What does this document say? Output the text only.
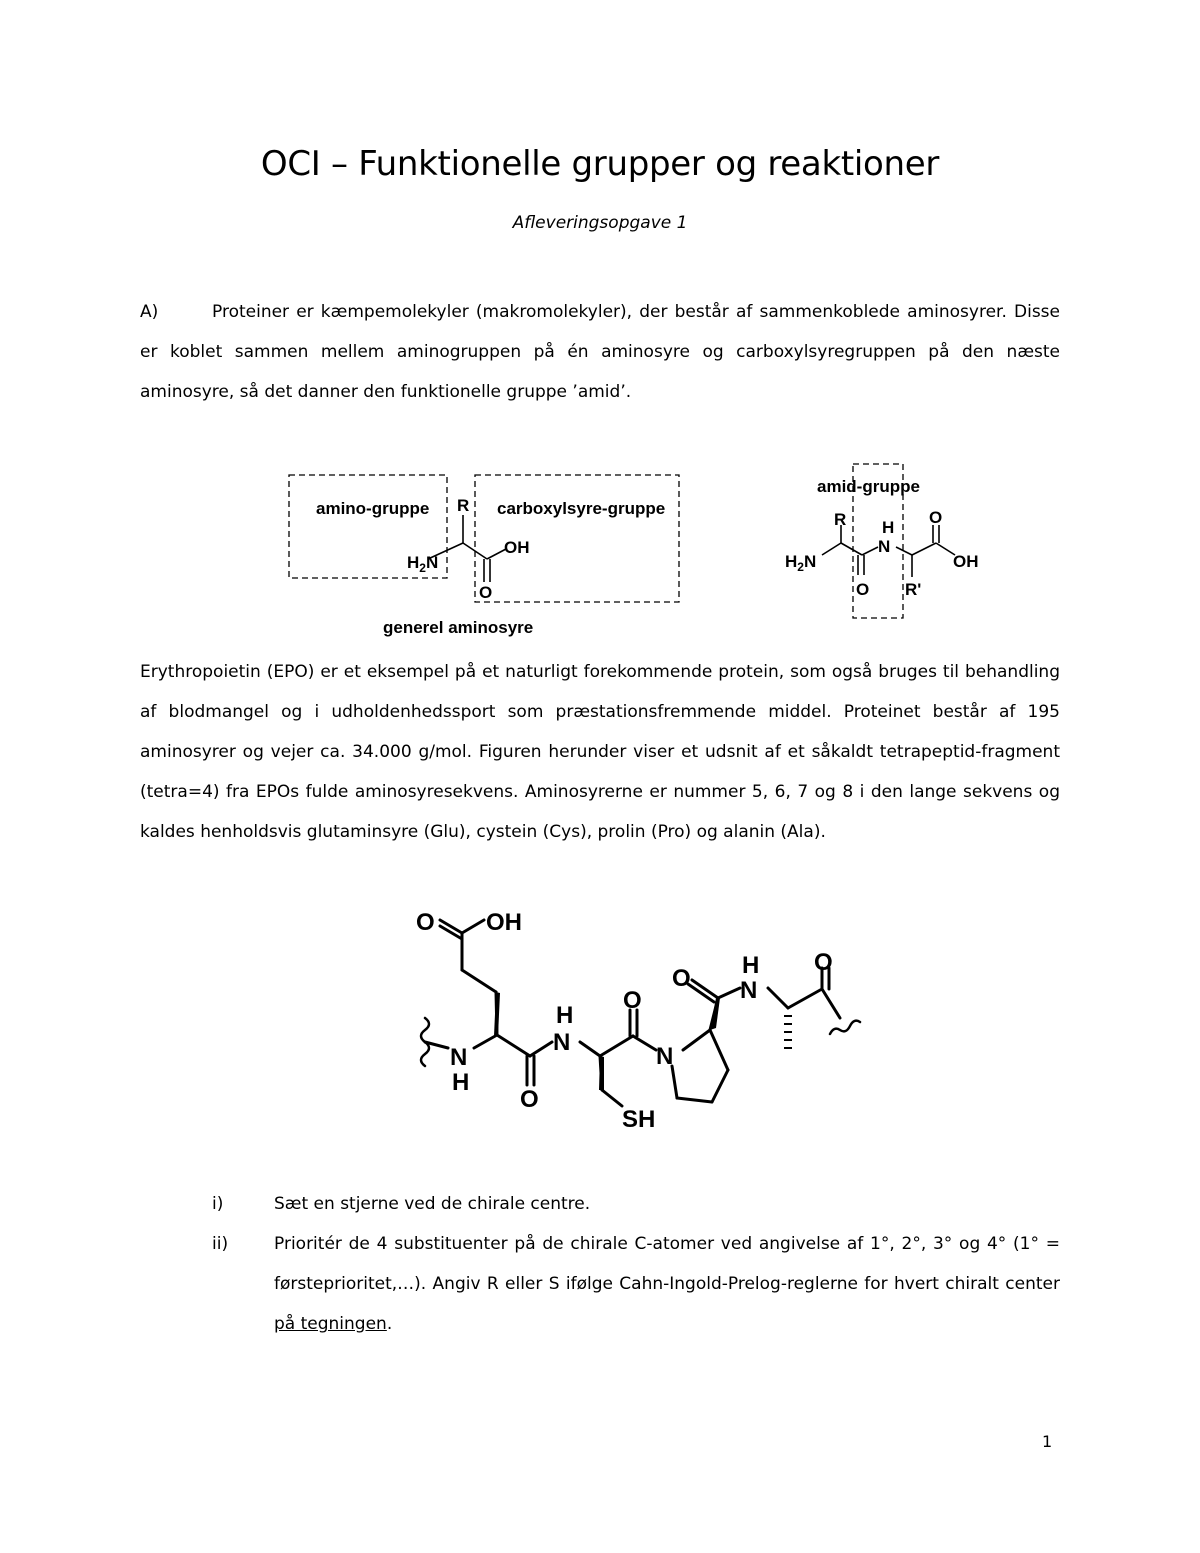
OCI – Funktionelle grupper og reaktioner
Afleveringsopgave 1
A)	Proteiner er kæmpemolekyler (makromolekyler), der består af sammenkoblede aminosyrer. Disse er koblet sammen mellem aminogruppen på én aminosyre og carboxylsyregruppen på den næste aminosyre, så det danner den funktionelle gruppe ’amid’.
amino-gruppe	carboxylsyre-gruppe
amid-gruppe
R
$H_2N$
OH
O
generel aminosyre
R
$H_2N$
H
N
O
O
OH
R'
Erythropoietin (EPO) er et eksempel på et naturligt forekommende protein, som også bruges til behandling af blodmangel og i udholdenhedssport som præstationsfremmende middel. Proteinet består af 195 aminosyrer og vejer ca. 34.000 g/mol. Figuren herunder viser et udsnit af et såkaldt tetrapeptid-fragment (tetra=4) fra EPOs fulde aminosyresekvens. Aminosyrerne er nummer 5, 6, 7 og 8 i den lange sekvens og kaldes henholdsvis glutaminsyre (Glu), cystein (Cys), prolin (Pro) og alanin (Ala).
O OH
N
H
O
H
N
O
SH
N
O H
N
O
i)	Sæt en stjerne ved de chirale centre.
ii)	Prioritér de 4 substituenter på de chirale C-atomer ved angivelse af 1°, 2°, 3° og 4° (1° = førsteprioritet,…). Angiv R eller S ifølge Cahn-Ingold-Prelog-reglerne for hvert chiralt center på tegningen.
1
